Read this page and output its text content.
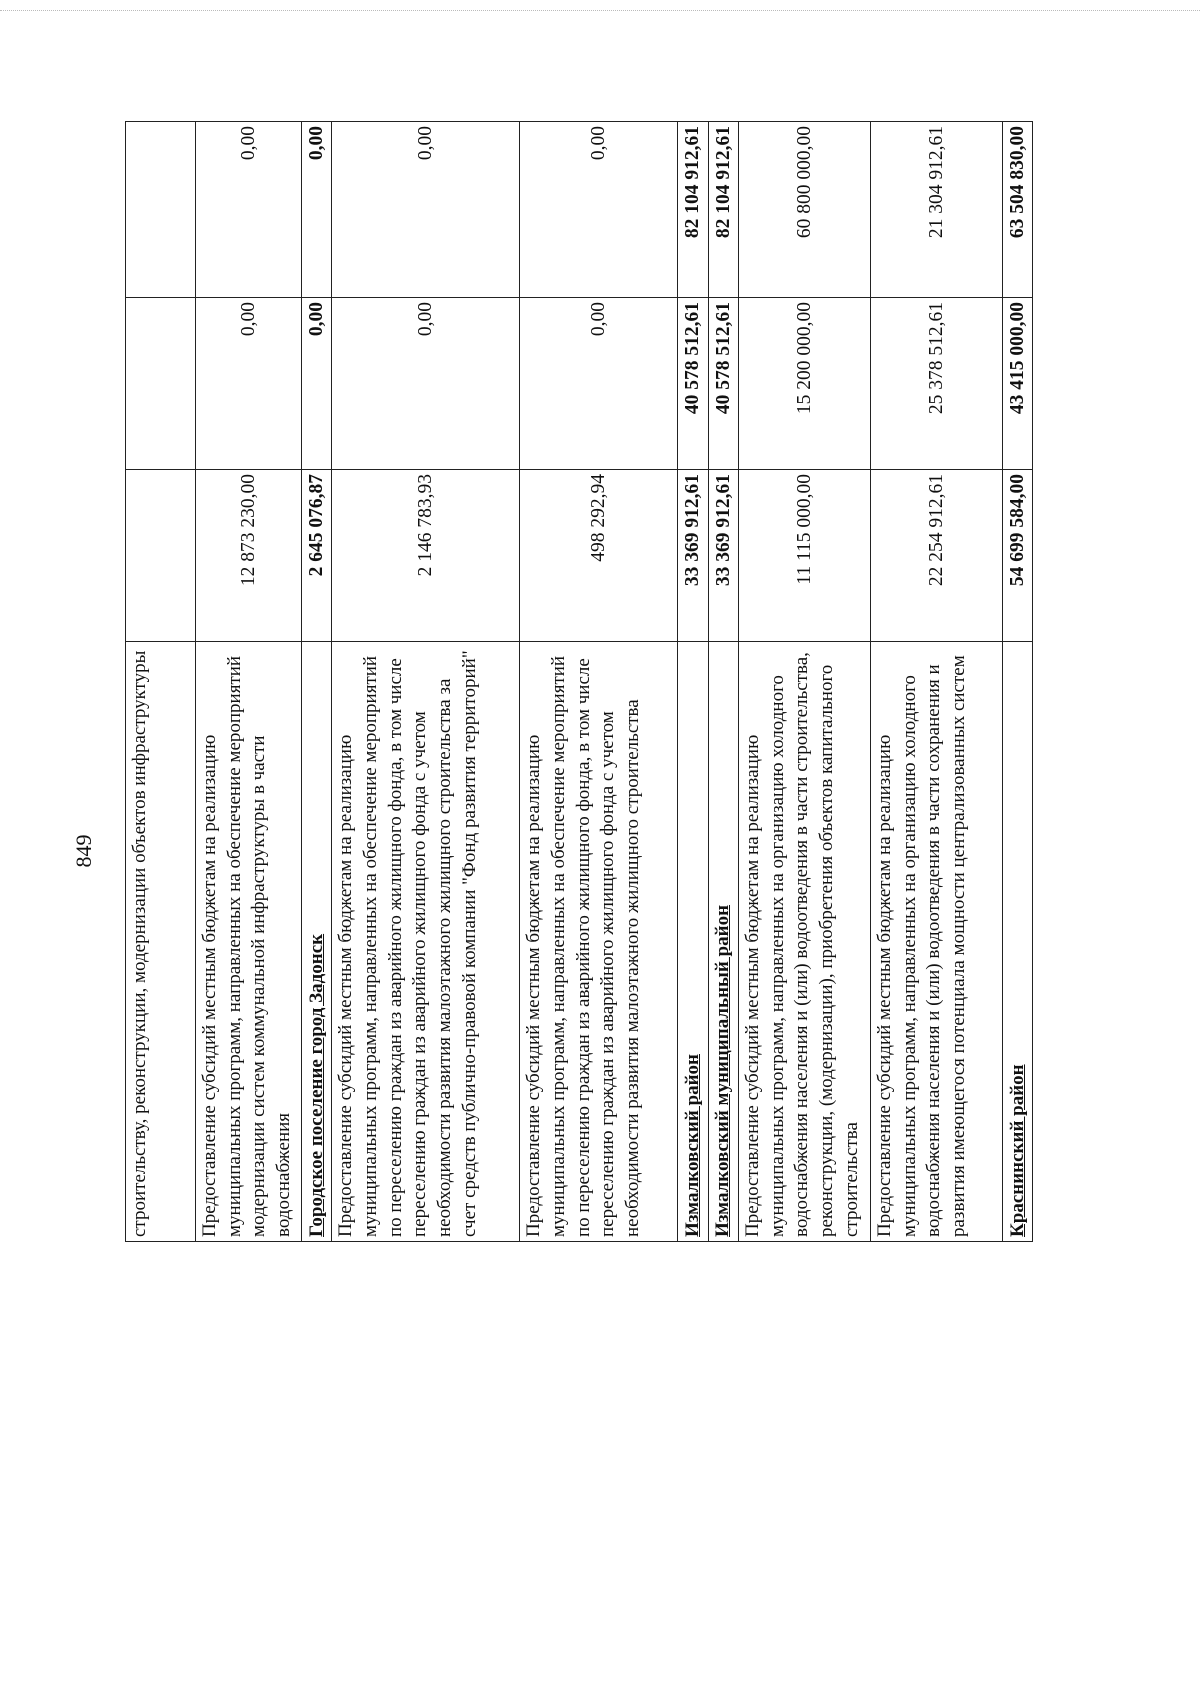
849 строительству, реконструкции, модернизации объектов инфраструктуры			
Предоставление субсидий местным бюджетам на реализацию муниципальных программ, направленных на обеспечение мероприятий модернизации систем коммунальной инфраструктуры в части водоснабжения	12 873 230,00	0,00	0,00
Городское поселение город Задонск	2 645 076,87	0,00	0,00
Предоставление субсидий местным бюджетам на реализацию муниципальных программ, направленных на обеспечение мероприятий по переселению граждан из аварийного жилищного фонда, в том числе переселению граждан из аварийного жилищного фонда с учетом необходимости развития малоэтажного жилищного строительства за счет средств публично-правовой компании "Фонд развития территорий"	2 146 783,93	0,00	0,00
Предоставление субсидий местным бюджетам на реализацию муниципальных программ, направленных на обеспечение мероприятий по переселению граждан из аварийного жилищного фонда, в том числе переселению граждан из аварийного жилищного фонда с учетом необходимости развития малоэтажного жилищного строительства	498 292,94	0,00	0,00
Измалковский район	33 369 912,61	40 578 512,61	82 104 912,61
Измалковский муниципальный район	33 369 912,61	40 578 512,61	82 104 912,61
Предоставление субсидий местным бюджетам на реализацию муниципальных программ, направленных на организацию холодного водоснабжения населения и (или) водоотведения в части строительства, реконструкции, (модернизации), приобретения объектов капитального строительства	11 115 000,00	15 200 000,00	60 800 000,00
Предоставление субсидий местным бюджетам на реализацию муниципальных программ, направленных на организацию холодного водоснабжения населения и (или) водоотведения в части сохранения и развития имеющегося потенциала мощности централизованных систем	22 254 912,61	25 378 512,61	21 304 912,61
Краснинский район	54 699 584,00	43 415 000,00	63 504 830,00
